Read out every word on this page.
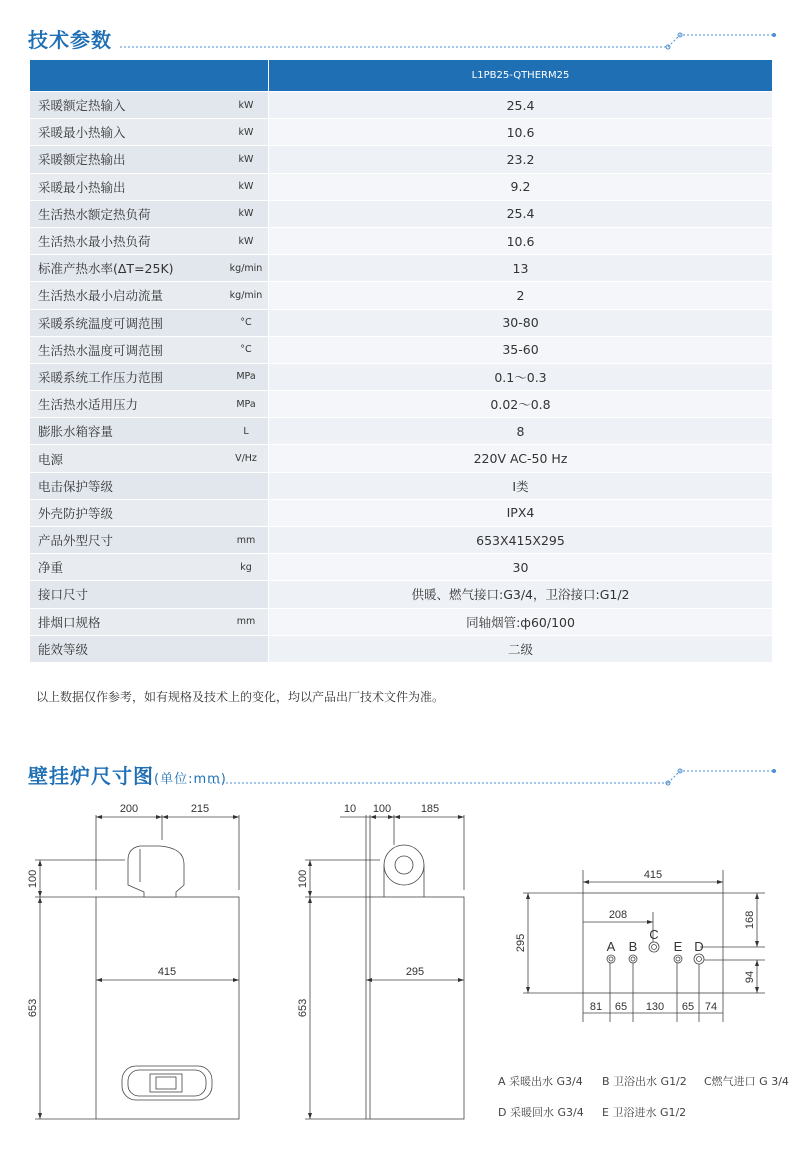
技术参数
		L1PB25-QTHERM25
采暖额定热输入	kW	25.4
采暖最小热输入	kW	10.6
采暖额定热输出	kW	23.2
采暖最小热输出	kW	9.2
生活热水额定热负荷	kW	25.4
生活热水最小热负荷	kW	10.6
标准产热水率(ΔT=25K)	kg/min	13
生活热水最小启动流量	kg/min	2
采暖系统温度可调范围	°C	30-80
生活热水温度可调范围	°C	35-60
采暖系统工作压力范围	MPa	0.1～0.3
生活热水适用压力	MPa	0.02～0.8
膨胀水箱容量	L	8
电源	V/Hz	220V AC-50 Hz
电击保护等级		I类
外壳防护等级		IPX4
产品外型尺寸	mm	653X415X295
净重	kg	30
接口尺寸		供暖、燃气接口:G3/4，卫浴接口:G1/2
排烟口规格	mm	同轴烟管:ф60/100
能效等级		二级
以上数据仅作参考，如有规格及技术上的变化，均以产品出厂技术文件为准。
壁挂炉尺寸图(单位:mm)
200	215
100
653
415
10 100	185
100
653
295
415
208
295
168
94
81 65 130 65 74
A B
C
E D
A 采暖出水 G3/4 B 卫浴出水 G1/2 C燃气进口 G 3/4
D 采暖回水 G3/4 E 卫浴进水 G1/2
